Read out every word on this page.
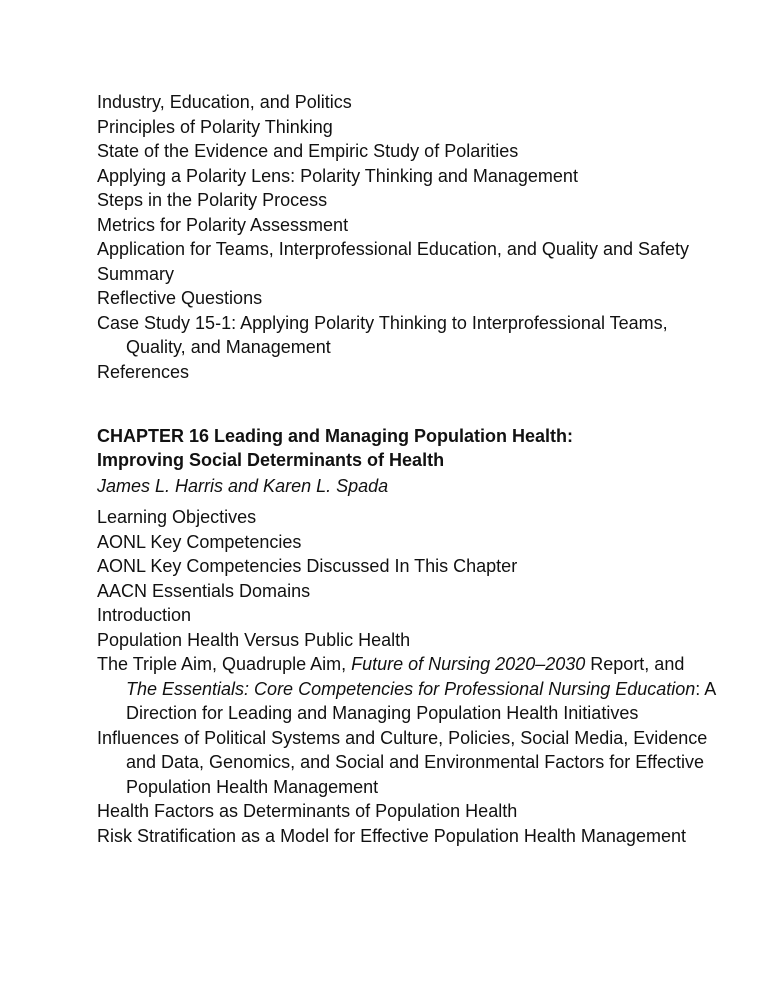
Industry, Education, and Politics
Principles of Polarity Thinking
State of the Evidence and Empiric Study of Polarities
Applying a Polarity Lens: Polarity Thinking and Management
Steps in the Polarity Process
Metrics for Polarity Assessment
Application for Teams, Interprofessional Education, and Quality and Safety
Summary
Reflective Questions
Case Study 15-1: Applying Polarity Thinking to Interprofessional Teams, Quality, and Management
References
CHAPTER 16 Leading and Managing Population Health:
Improving Social Determinants of Health
James L. Harris and Karen L. Spada
Learning Objectives
AONL Key Competencies
AONL Key Competencies Discussed In This Chapter
AACN Essentials Domains
Introduction
Population Health Versus Public Health
The Triple Aim, Quadruple Aim, Future of Nursing 2020–2030 Report, and The Essentials: Core Competencies for Professional Nursing Education: A Direction for Leading and Managing Population Health Initiatives
Influences of Political Systems and Culture, Policies, Social Media, Evidence and Data, Genomics, and Social and Environmental Factors for Effective Population Health Management
Health Factors as Determinants of Population Health
Risk Stratification as a Model for Effective Population Health Management
